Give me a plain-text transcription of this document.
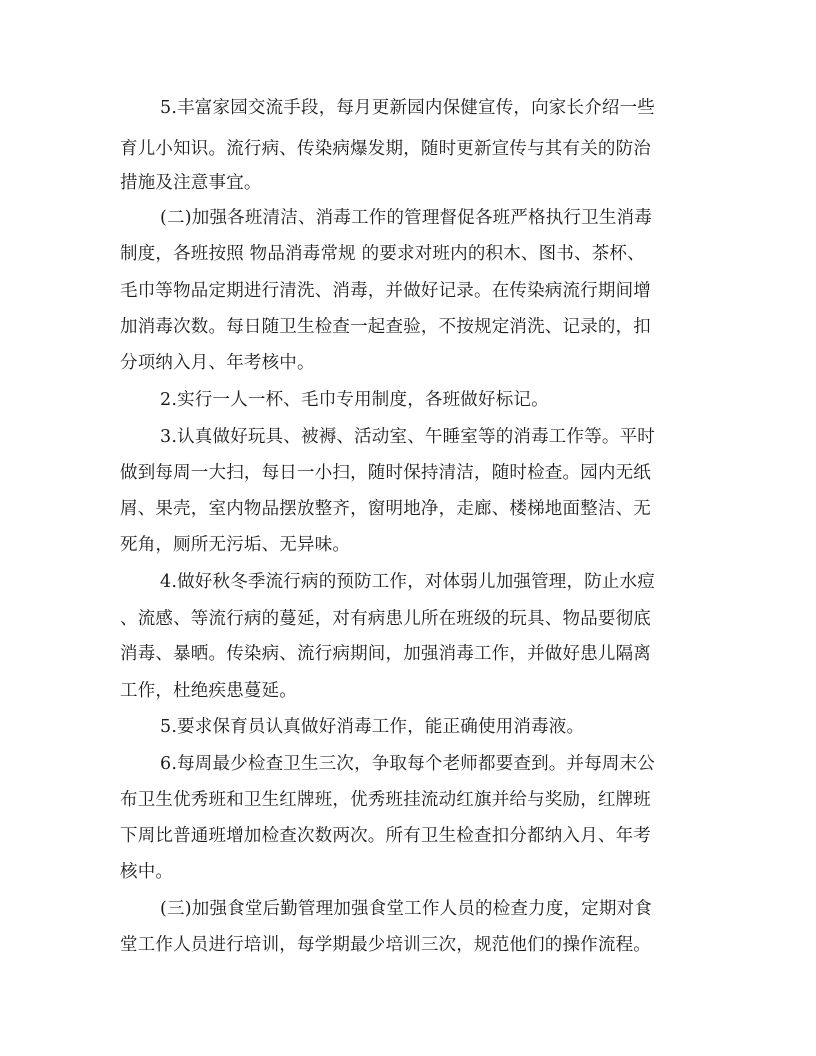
5.丰富家园交流手段，每月更新园内保健宣传，向家长介绍一些
育儿小知识。流行病、传染病爆发期，随时更新宣传与其有关的防治
措施及注意事宜。
(二)加强各班清洁、消毒工作的管理督促各班严格执行卫生消毒
制度，各班按照 物品消毒常规 的要求对班内的积木、图书、茶杯、
毛巾等物品定期进行清洗、消毒，并做好记录。在传染病流行期间增
加消毒次数。每日随卫生检查一起查验，不按规定消洗、记录的，扣
分项纳入月、年考核中。
2.实行一人一杯、毛巾专用制度，各班做好标记。
3.认真做好玩具、被褥、活动室、午睡室等的消毒工作等。平时
做到每周一大扫，每日一小扫，随时保持清洁，随时检查。园内无纸
屑、果壳，室内物品摆放整齐，窗明地净，走廊、楼梯地面整洁、无
死角，厕所无污垢、无异味。
4.做好秋冬季流行病的预防工作，对体弱儿加强管理，防止水痘
、流感、等流行病的蔓延，对有病患儿所在班级的玩具、物品要彻底
消毒、暴晒。传染病、流行病期间，加强消毒工作，并做好患儿隔离
工作，杜绝疾患蔓延。
5.要求保育员认真做好消毒工作，能正确使用消毒液。
6.每周最少检查卫生三次，争取每个老师都要查到。并每周末公
布卫生优秀班和卫生红牌班，优秀班挂流动红旗并给与奖励，红牌班
下周比普通班增加检查次数两次。所有卫生检查扣分都纳入月、年考
核中。
(三)加强食堂后勤管理加强食堂工作人员的检查力度，定期对食
堂工作人员进行培训，每学期最少培训三次，规范他们的操作流程。
